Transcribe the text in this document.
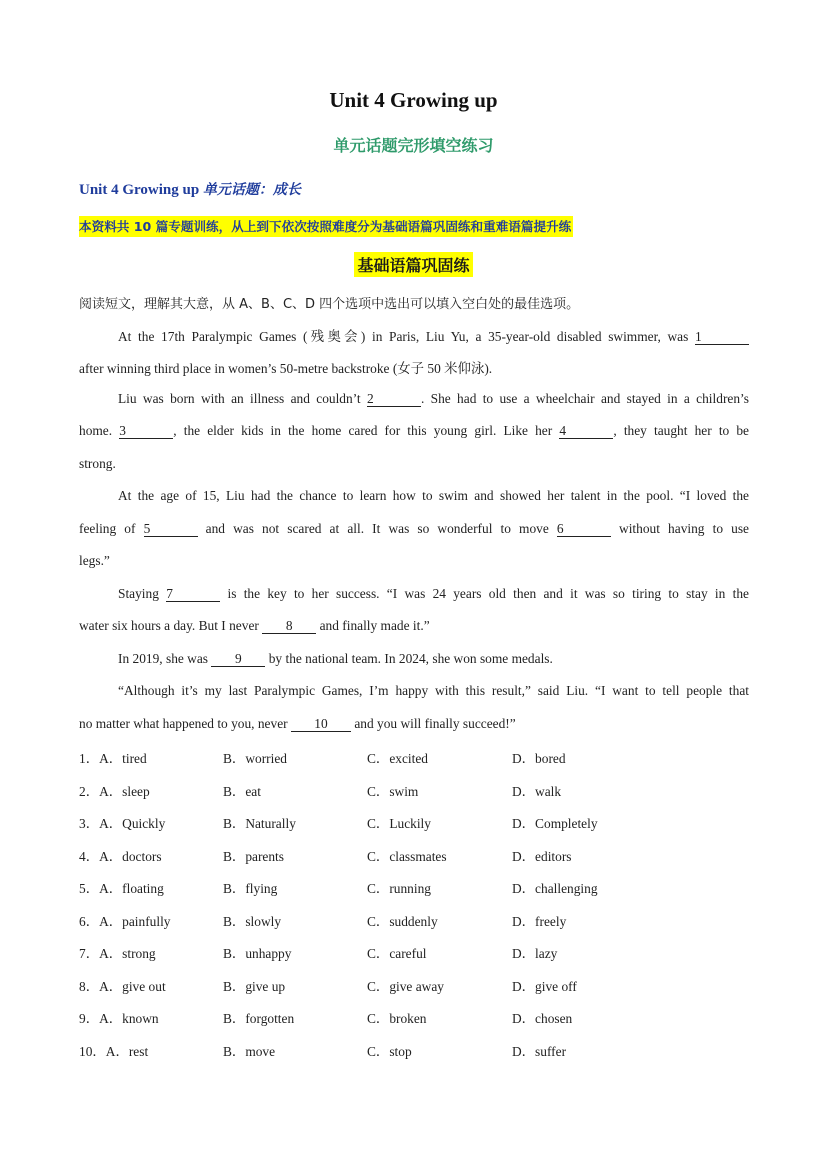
Unit 4 Growing up
单元话题完形填空练习
Unit 4 Growing up 单元话题：成长
本资料共 10 篇专题训练，从上到下依次按照难度分为基础语篇巩固练和重难语篇提升练
基础语篇巩固练
阅读短文，理解其大意，从 A、B、C、D 四个选项中选出可以填入空白处的最佳选项。
At the 17th Paralympic Games (残奥会) in Paris, Liu Yu, a 35-year-old disabled swimmer, was 1
after winning third place in women’s 50-metre backstroke (女子 50 米仰泳).
Liu was born with an illness and couldn’t 2	. She had to use a wheelchair and stayed in a children’s
home. 3	, the elder kids in the home cared for this young girl. Like her 4	, they taught her to be
strong.
At the age of 15, Liu had the chance to learn how to swim and showed her talent in the pool. “I loved the
feeling of 5	and was not scared at all. It was so wonderful to move 6	without having to use
legs.”
Staying 7	is the key to her success. “I was 24 years old then and it was so tiring to stay in the
water six hours a day. But I never 8 and finally made it.”
In 2019, she was 9 by the national team. In 2024, she won some medals.
“Although it’s my last Paralympic Games, I’m happy with this result,” said Liu. “I want to tell people that
no matter what happened to you, never 10 and you will finally succeed!”
1．A．tired	B．worried	C．excited	D．bored
2．A．sleep	B．eat	C．swim	D．walk
3．A．Quickly	B．Naturally	C．Luckily	D．Completely
4．A．doctors	B．parents	C．classmates	D．editors
5．A．floating	B．flying	C．running	D．challenging
6．A．painfully	B．slowly	C．suddenly	D．freely
7．A．strong	B．unhappy	C．careful	D．lazy
8．A．give out	B．give up	C．give away	D．give off
9．A．known	B．forgotten	C．broken	D．chosen
10．A．rest	B．move	C．stop	D．suffer
